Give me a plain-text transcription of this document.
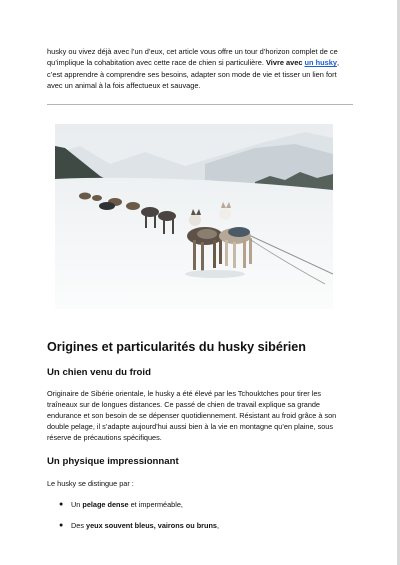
husky ou vivez déjà avec l’un d’eux, cet article vous offre un tour d’horizon complet de ce qu’implique la cohabitation avec cette race de chien si particulière. Vivre avec un husky, c’est apprendre à comprendre ses besoins, adapter son mode de vie et tisser un lien fort avec un animal à la fois affectueux et sauvage.

Origines et particularités du husky sibérien
Un chien venu du froid

Originaire de Sibérie orientale, le husky a été élevé par les Tchoukt​ches pour tirer les traîneaux sur de longues distances. Ce passé de chien de travail explique sa grande endurance et son besoin de se dépenser quotidiennement. Résistant au froid grâce à son double pelage, il s’adapte aujourd’hui aussi bien à la vie en montagne qu’en plaine, sous réserve de précautions spécifiques.

Un physique impressionnant

Le husky se distingue par :

● Un pelage dense et imperméable,
● Des yeux souvent bleus, vairons ou bruns,
